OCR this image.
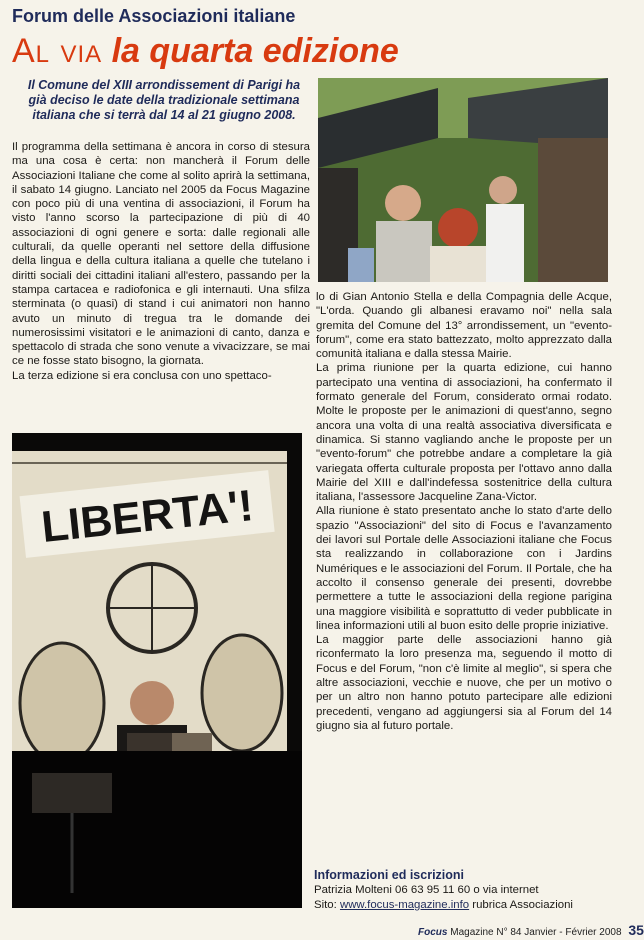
Forum delle Associazioni italiane
Al via la quarta edizione
Il Comune del XIII arrondissement di Parigi ha già deciso le date della tradizionale settimana italiana che si terrà dal 14 al 21 giugno 2008.

Il programma della settimana è ancora in corso di stesura ma una cosa è certa: non mancherà il Forum delle Associazioni Italiane che come al solito aprirà la settimana, il sabato 14 giugno. Lanciato nel 2005 da Focus Magazine con poco più di una ventina di associazioni, il Forum ha visto l'anno scorso la partecipazione di più di 40 associazioni di ogni genere e sorta: dalle regionali alle culturali, da quelle operanti nel settore della diffusione della lingua e della cultura italiana a quelle che tutelano i diritti sociali dei cittadini italiani all'estero, passando per la stampa cartacea e radiofonica e gli internauti. Una sfilza sterminata (o quasi) di stand i cui animatori non hanno avuto un minuto di tregua tra le domande dei numerosissimi visitatori e le animazioni di canto, danza e spettacolo di strada che sono venute a vivacizzare, se mai ce ne fosse stato bisogno, la giornata.

La terza edizione si era conclusa con uno spettaco-

LIBERTA'!

lo di Gian Antonio Stella e della Compagnia delle Acque, "L'orda. Quando gli albanesi eravamo noi" nella sala gremita del Comune del 13° arrondissement, un "evento-forum", come era stato battezzato, molto apprezzato dalla comunità italiana e dalla stessa Mairie.

La prima riunione per la quarta edizione, cui hanno partecipato una ventina di associazioni, ha confermato il formato generale del Forum, considerato ormai rodato. Molte le proposte per le animazioni di quest'anno, segno ancora una volta di una realtà associativa diversificata e dinamica. Si stanno vagliando anche le proposte per un "evento-forum" che potrebbe andare a completare la già variegata offerta culturale proposta per l'ottavo anno dalla Mairie del XIII e dall'indefessa sostenitrice della cultura italiana, l'assessore Jacqueline Zana-Victor.

Alla riunione è stato presentato anche lo stato d'arte dello spazio "Associazioni" del sito di Focus e l'avanzamento dei lavori sul Portale delle Associazioni italiane che Focus sta realizzando in collaborazione con i Jardins Numériques e le associazioni del Forum. Il Portale, che ha accolto il consenso generale dei presenti, dovrebbe permettere a tutte le associazioni della regione parigina una maggiore visibilità e soprattutto di veder pubblicate in linea informazioni utili al buon esito delle proprie iniziative.

La maggior parte delle associazioni hanno già riconfermato la loro presenza ma, seguendo il motto di Focus e del Forum, "non c'è limite al meglio", si spera che altre associazioni, vecchie e nuove, che per un motivo o per un altro non hanno potuto partecipare alle edizioni precedenti, vengano ad aggiungersi sia al Forum del 14 giugno sia al futuro portale.

Informazioni ed iscrizioni
Patrizia Molteni 06 63 95 11 60 o via internet
Sito: www.focus-magazine.info rubrica Associazioni
Focus Magazine N° 84 Janvier - Février 2008 35
